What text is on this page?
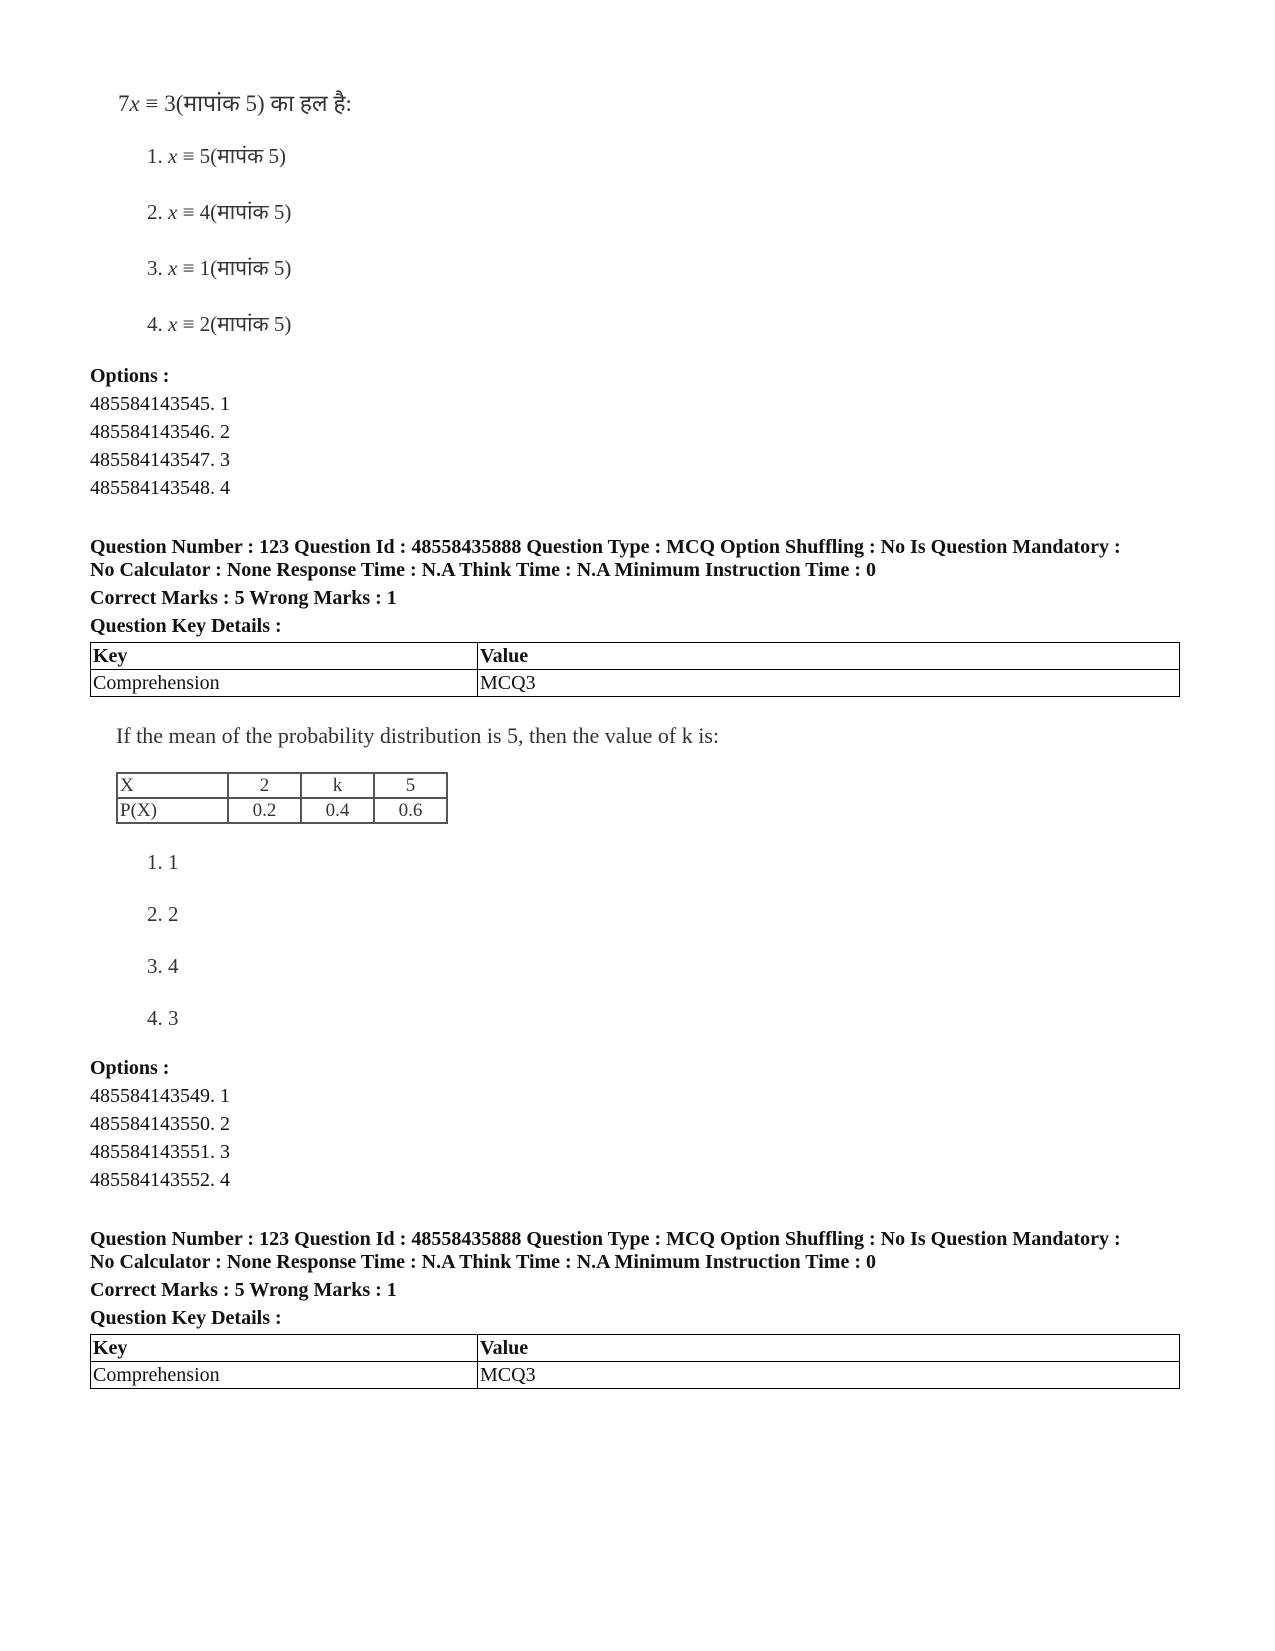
7x ≡ 3(मापांक 5) का हल है:
1. x ≡ 5(मापंक 5)
2. x ≡ 4(मापांक 5)
3. x ≡ 1(मापांक 5)
4. x ≡ 2(मापांक 5)
Options :
485584143545. 1
485584143546. 2
485584143547. 3
485584143548. 4
Question Number : 123 Question Id : 48558435888 Question Type : MCQ Option Shuffling : No Is Question Mandatory :
No Calculator : None Response Time : N.A Think Time : N.A Minimum Instruction Time : 0
Correct Marks : 5 Wrong Marks : 1
Question Key Details :
Key	Value
Comprehension	MCQ3
If the mean of the probability distribution is 5, then the value of k is:
X	2	k	5
P(X)	0.2	0.4	0.6
1. 1
2. 2
3. 4
4. 3
Options :
485584143549. 1
485584143550. 2
485584143551. 3
485584143552. 4
Question Number : 123 Question Id : 48558435888 Question Type : MCQ Option Shuffling : No Is Question Mandatory :
No Calculator : None Response Time : N.A Think Time : N.A Minimum Instruction Time : 0
Correct Marks : 5 Wrong Marks : 1
Question Key Details :
Key	Value
Comprehension	MCQ3
